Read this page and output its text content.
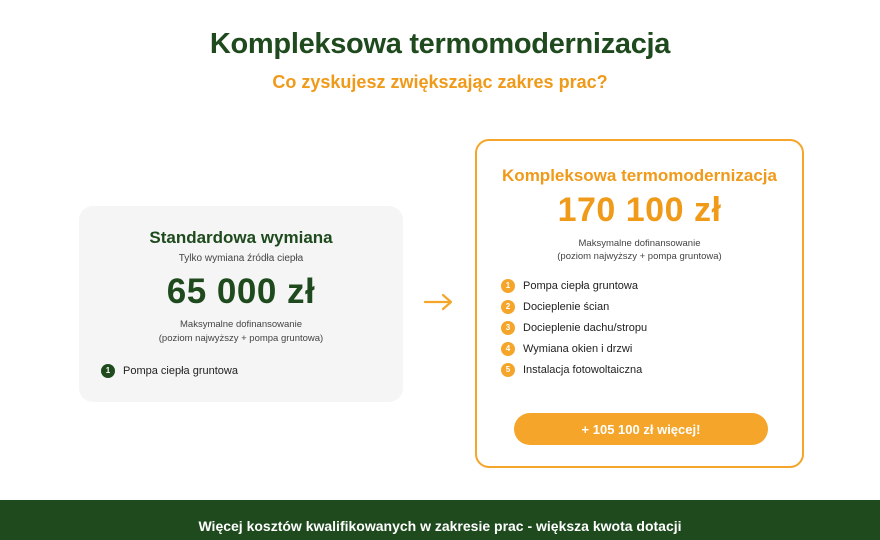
Kompleksowa termomodernizacja
Co zyskujesz zwiększając zakres prac?
Standardowa wymiana
Tylko wymiana źródła ciepła
65 000 zł
Maksymalne dofinansowanie
(poziom najwyższy + pompa gruntowa)
1	Pompa ciepła gruntowa
Kompleksowa termomodernizacja
170 100 zł
Maksymalne dofinansowanie
(poziom najwyższy + pompa gruntowa)
1	Pompa ciepła gruntowa
2	Docieplenie ścian
3	Docieplenie dachu/stropu
4	Wymiana okien i drzwi
5	Instalacja fotowoltaiczna
+ 105 100 zł więcej!
Więcej kosztów kwalifikowanych w zakresie prac - większa kwota dotacji
